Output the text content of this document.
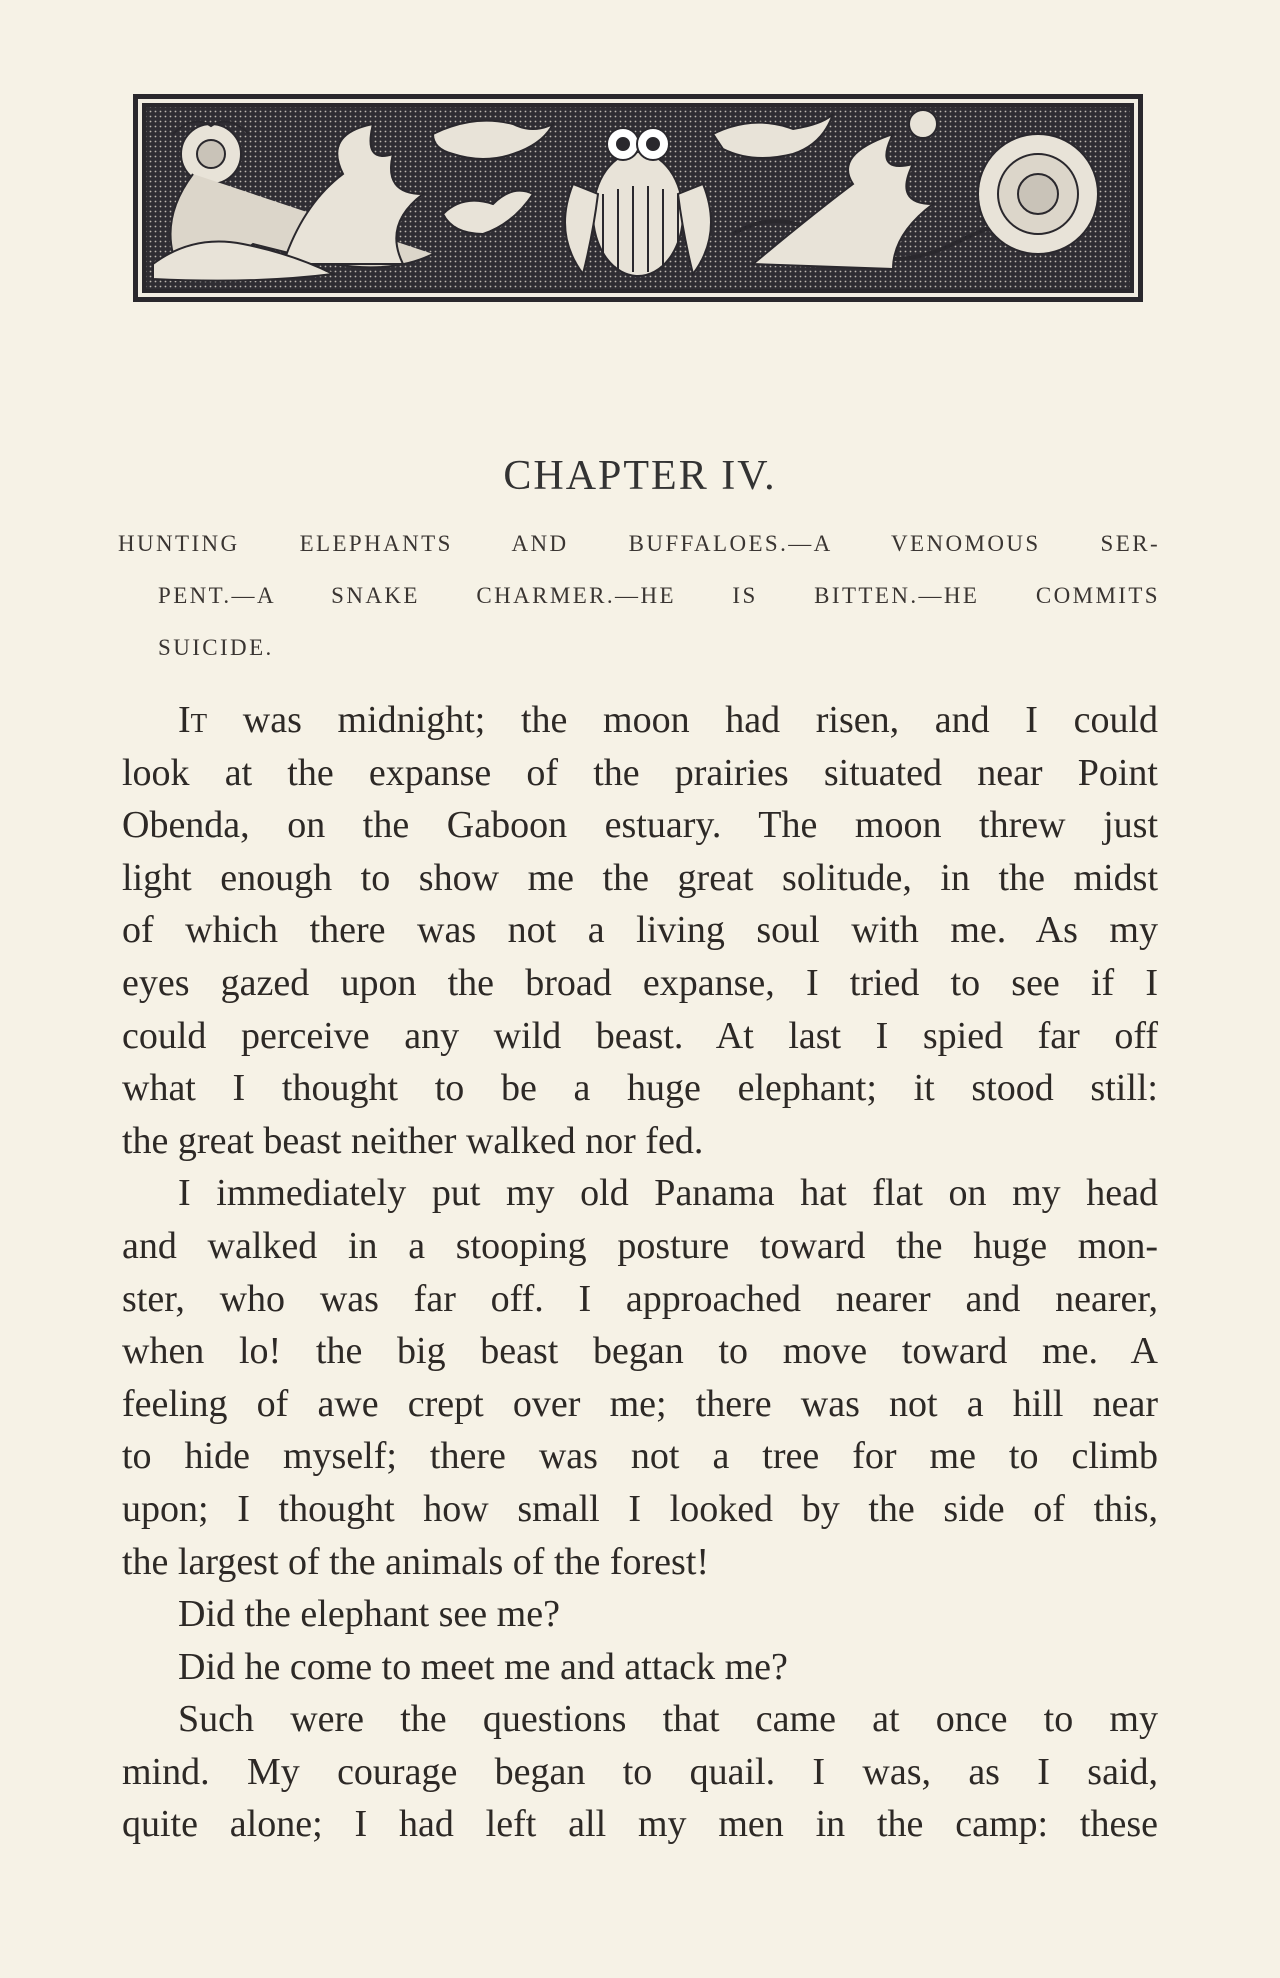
CHAPTER IV.
HUNTING ELEPHANTS AND BUFFALOES.—A VENOMOUS SER-
PENT.—A SNAKE CHARMER.—HE IS BITTEN.—HE COMMITS
SUICIDE.
It was midnight; the moon had risen, and I could
look at the expanse of the prairies situated near Point
Obenda, on the Gaboon estuary. The moon threw just
light enough to show me the great solitude, in the midst
of which there was not a living soul with me. As my
eyes gazed upon the broad expanse, I tried to see if I
could perceive any wild beast. At last I spied far off
what I thought to be a huge elephant; it stood still:
the great beast neither walked nor fed.
I immediately put my old Panama hat flat on my head
and walked in a stooping posture toward the huge mon-
ster, who was far off. I approached nearer and nearer,
when lo! the big beast began to move toward me. A
feeling of awe crept over me; there was not a hill near
to hide myself; there was not a tree for me to climb
upon; I thought how small I looked by the side of this,
the largest of the animals of the forest!
Did the elephant see me?
Did he come to meet me and attack me?
Such were the questions that came at once to my
mind. My courage began to quail. I was, as I said,
quite alone; I had left all my men in the camp: these
